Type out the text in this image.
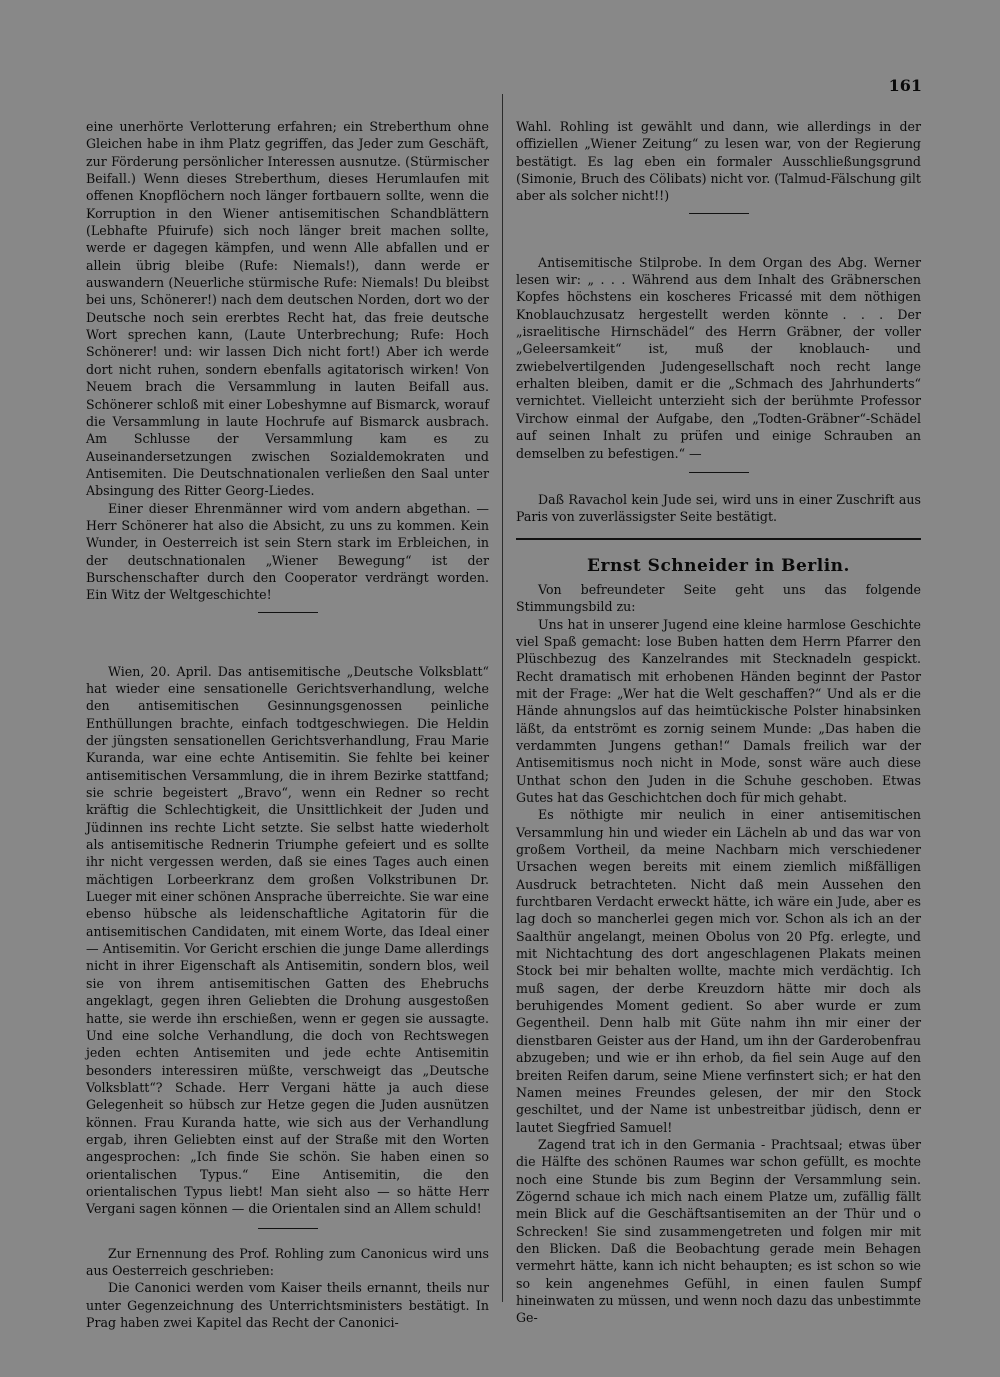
161

eine unerhörte Verlotterung erfahren; ein Streberthum ohne Gleichen habe in ihm Platz gegriffen, das Jeder zum Geschäft, zur Förderung persönlicher Interessen ausnutze. (Stürmischer Beifall.) Wenn dieses Streberthum, dieses Herumlaufen mit offenen Knopflöchern noch länger fortbauern sollte, wenn die Korruption in den Wiener antisemitischen Schandblättern (Lebhafte Pfuirufe) sich noch länger breit machen sollte, werde er dagegen kämpfen, und wenn Alle abfallen und er allein übrig bleibe (Rufe: Niemals!), dann werde er auswandern (Neuerliche stürmische Rufe: Niemals! Du bleibst bei uns, Schönerer!) nach dem deutschen Norden, dort wo der Deutsche noch sein ererbtes Recht hat, das freie deutsche Wort sprechen kann, (Laute Unterbrechung; Rufe: Hoch Schönerer! und: wir lassen Dich nicht fort!) Aber ich werde dort nicht ruhen, sondern ebenfalls agitatorisch wirken! Von Neuem brach die Versammlung in lauten Beifall aus. Schönerer schloß mit einer Lobeshymne auf Bismarck, worauf die Versammlung in laute Hochrufe auf Bismarck ausbrach. Am Schlusse der Versammlung kam es zu Auseinandersetzungen zwischen Sozialdemokraten und Antisemiten. Die Deutschnationalen verließen den Saal unter Absingung des Ritter Georg-Liedes.

Einer dieser Ehrenmänner wird vom andern abgethan. — Herr Schönerer hat also die Absicht, zu uns zu kommen. Kein Wunder, in Oesterreich ist sein Stern stark im Erbleichen, in der deutschnationalen „Wiener Bewegung“ ist der Burschenschafter durch den Cooperator verdrängt worden. Ein Witz der Weltgeschichte!

Wien, 20. April. Das antisemitische „Deutsche Volksblatt“ hat wieder eine sensationelle Gerichtsverhandlung, welche den antisemitischen Gesinnungsgenossen peinliche Enthüllungen brachte, einfach todtgeschwiegen. Die Heldin der jüngsten sensationellen Gerichtsverhandlung, Frau Marie Kuranda, war eine echte Antisemitin. Sie fehlte bei keiner antisemitischen Versammlung, die in ihrem Bezirke stattfand; sie schrie begeistert „Bravo“, wenn ein Redner so recht kräftig die Schlechtigkeit, die Unsittlichkeit der Juden und Jüdinnen ins rechte Licht setzte. Sie selbst hatte wiederholt als antisemitische Rednerin Triumphe gefeiert und es sollte ihr nicht vergessen werden, daß sie eines Tages auch einen mächtigen Lorbeerkranz dem großen Volkstribunen Dr. Lueger mit einer schönen Ansprache überreichte. Sie war eine ebenso hübsche als leidenschaftliche Agitatorin für die antisemitischen Candidaten, mit einem Worte, das Ideal einer — Antisemitin. Vor Gericht erschien die junge Dame allerdings nicht in ihrer Eigenschaft als Antisemitin, sondern blos, weil sie von ihrem antisemitischen Gatten des Ehebruchs angeklagt, gegen ihren Geliebten die Drohung ausgestoßen hatte, sie werde ihn erschießen, wenn er gegen sie aussagte. Und eine solche Verhandlung, die doch von Rechtswegen jeden echten Antisemiten und jede echte Antisemitin besonders interessiren müßte, verschweigt das „Deutsche Volksblatt“? Schade. Herr Vergani hätte ja auch diese Gelegenheit so hübsch zur Hetze gegen die Juden ausnützen können. Frau Kuranda hatte, wie sich aus der Verhandlung ergab, ihren Geliebten einst auf der Straße mit den Worten angesprochen: „Ich finde Sie schön. Sie haben einen so orientalischen Typus.“ Eine Antisemitin, die den orientalischen Typus liebt! Man sieht also — so hätte Herr Vergani sagen können — die Orientalen sind an Allem schuld!

Zur Ernennung des Prof. Rohling zum Canonicus wird uns aus Oesterreich geschrieben:

Die Canonici werden vom Kaiser theils ernannt, theils nur unter Gegenzeichnung des Unterrichtsministers bestätigt. In Prag haben zwei Kapitel das Recht der Canonici-

Wahl. Rohling ist gewählt und dann, wie allerdings in der offiziellen „Wiener Zeitung“ zu lesen war, von der Regierung bestätigt. Es lag eben ein formaler Ausschließungsgrund (Simonie, Bruch des Cölibats) nicht vor. (Talmud-Fälschung gilt aber als solcher nicht!!)

Antisemitische Stilprobe. In dem Organ des Abg. Werner lesen wir: „ . . . Während aus dem Inhalt des Gräbnerschen Kopfes höchstens ein koscheres Fricassé mit dem nöthigen Knoblauchzusatz hergestellt werden könnte . . . Der „israelitische Hirnschädel“ des Herrn Gräbner, der voller „Gelеersamkeit“ ist, muß der knoblauch- und zwiebelvertilgenden Judengesellschaft noch recht lange erhalten bleiben, damit er die „Schmach des Jahrhunderts“ vernichtet. Vielleicht unterzieht sich der berühmte Professor Virchow einmal der Aufgabe, den „Todten-Gräbner“-Schädel auf seinen Inhalt zu prüfen und einige Schrauben an demselben zu befestigen.“ —

Daß Ravachol kein Jude sei, wird uns in einer Zuschrift aus Paris von zuverlässigster Seite bestätigt.

Ernst Schneider in Berlin.

Von befreundeter Seite geht uns das folgende Stimmungsbild zu:

Uns hat in unserer Jugend eine kleine harmlose Geschichte viel Spaß gemacht: lose Buben hatten dem Herrn Pfarrer den Plüschbezug des Kanzelrandes mit Stecknadeln gespickt. Recht dramatisch mit erhobenen Händen beginnt der Pastor mit der Frage: „Wer hat die Welt geschaffen?“ Und als er die Hände ahnungslos auf das heimtückische Polster hinabsinken läßt, da entströmt es zornig seinem Munde: „Das haben die verdammten Jungens gethan!“ Damals freilich war der Antisemitismus noch nicht in Mode, sonst wäre auch diese Unthat schon den Juden in die Schuhe geschoben. Etwas Gutes hat das Geschichtchen doch für mich gehabt.

Es nöthigte mir neulich in einer antisemitischen Versammlung hin und wieder ein Lächeln ab und das war von großem Vortheil, da meine Nachbarn mich verschiedener Ursachen wegen bereits mit einem ziemlich mißfälligen Ausdruck betrachteten. Nicht daß mein Aussehen den furchtbaren Verdacht erweckt hätte, ich wäre ein Jude, aber es lag doch so mancherlei gegen mich vor. Schon als ich an der Saalthür angelangt, meinen Obolus von 20 Pfg. erlegte, und mit Nichtachtung des dort angeschlagenen Plakats meinen Stock bei mir behalten wollte, machte mich verdächtig. Ich muß sagen, der derbe Kreuzdorn hätte mir doch als beruhigendes Moment gedient. So aber wurde er zum Gegentheil. Denn halb mit Güte nahm ihn mir einer der dienstbaren Geister aus der Hand, um ihn der Garderobenfrau abzugeben; und wie er ihn erhob, da fiel sein Auge auf den breiten Reifen darum, seine Miene verfinstert sich; er hat den Namen meines Freundes gelesen, der mir den Stock geschiltet, und der Name ist unbestreitbar jüdisch, denn er lautet Siegfried Samuel!

Zagend trat ich in den Germania - Prachtsaal; etwas über die Hälfte des schönen Raumes war schon gefüllt, es mochte noch eine Stunde bis zum Beginn der Versammlung sein. Zögernd schaue ich mich nach einem Platze um, zufällig fällt mein Blick auf die Geschäftsantisemiten an der Thür und o Schrecken! Sie sind zusammengetreten und folgen mir mit den Blicken. Daß die Beobachtung gerade mein Behagen vermehrt hätte, kann ich nicht behaupten; es ist schon so wie so kein angenehmes Gefühl, in einen faulen Sumpf hineinwaten zu müssen, und wenn noch dazu das unbestimmte Ge-
